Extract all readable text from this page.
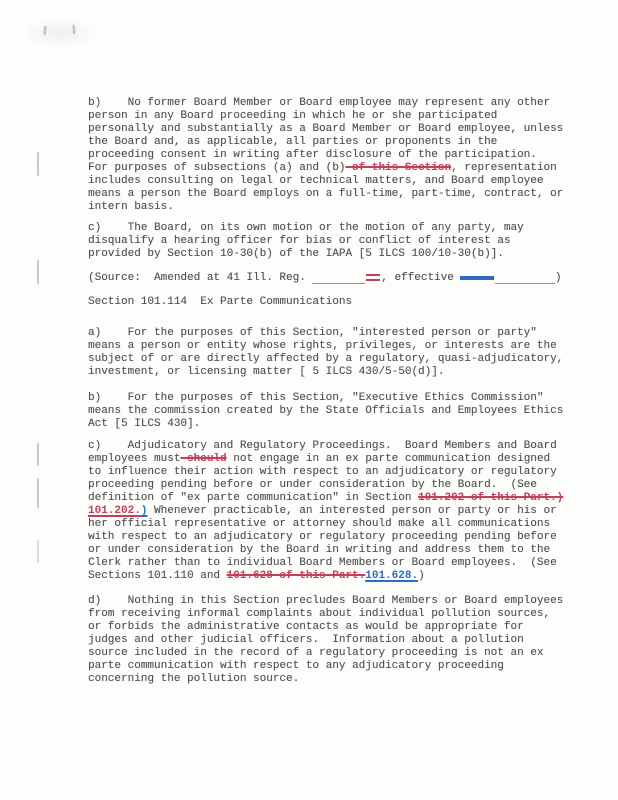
b)    No former Board Member or Board employee may represent any other
person in any Board proceeding in which he or she participated
personally and substantially as a Board Member or Board employee, unless
the Board and, as applicable, all parties or proponents in the
proceeding consent in writing after disclosure of the participation.
For purposes of subsections (a) and (b) of this Section, representation
includes consulting on legal or technical matters, and Board employee
means a person the Board employs on a full-time, part-time, contract, or
intern basis.
c)    The Board, on its own motion or the motion of any party, may
disqualify a hearing officer for bias or conflict of interest as
provided by Section 10-30(b) of the IAPA [5 ILCS 100/10-30(b)].
(Source:  Amended at 41 Ill. Reg.	, effective	)
Section 101.114  Ex Parte Communications
a)    For the purposes of this Section, "interested person or party"
means a person or entity whose rights, privileges, or interests are the
subject of or are directly affected by a regulatory, quasi-adjudicatory,
investment, or licensing matter [ 5 ILCS 430/5-50(d)].
b)    For the purposes of this Section, "Executive Ethics Commission"
means the commission created by the State Officials and Employees Ethics
Act [5 ILCS 430].
c)    Adjudicatory and Regulatory Proceedings.  Board Members and Board
employees must should not engage in an ex parte communication designed
to influence their action with respect to an adjudicatory or regulatory
proceeding pending before or under consideration by the Board.  (See
definition of "ex parte communication" in Section 101.202 of this Part.)
101.202.) Whenever practicable, an interested person or party or his or
her official representative or attorney should make all communications
with respect to an adjudicatory or regulatory proceeding pending before
or under consideration by the Board in writing and address them to the
Clerk rather than to individual Board Members or Board employees.  (See
Sections 101.110 and 101.628 of this Part.101.628.)
d)    Nothing in this Section precludes Board Members or Board employees
from receiving informal complaints about individual pollution sources,
or forbids the administrative contacts as would be appropriate for
judges and other judicial officers.  Information about a pollution
source included in the record of a regulatory proceeding is not an ex
parte communication with respect to any adjudicatory proceeding
concerning the pollution source.
